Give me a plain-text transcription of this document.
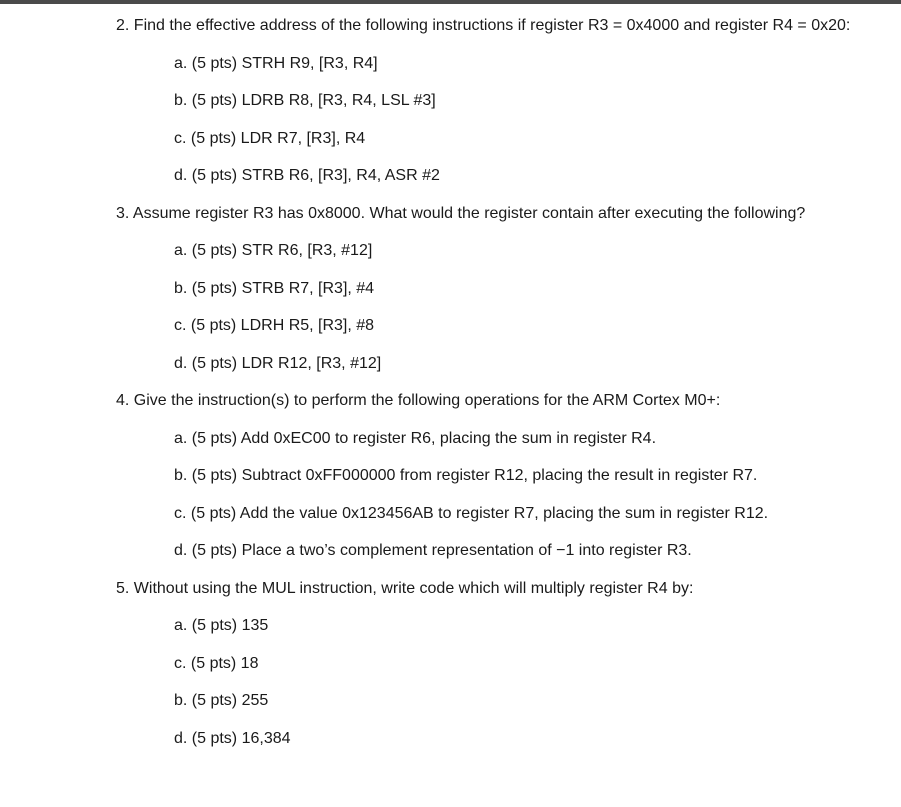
2. Find the effective address of the following instructions if register R3 = 0x4000 and register R4 = 0x20:
a. (5 pts) STRH R9, [R3, R4]
b. (5 pts) LDRB R8, [R3, R4, LSL #3]
c. (5 pts) LDR R7, [R3], R4
d. (5 pts) STRB R6, [R3], R4, ASR #2
3. Assume register R3 has 0x8000. What would the register contain after executing the following?
a. (5 pts) STR R6, [R3, #12]
b. (5 pts) STRB R7, [R3], #4
c. (5 pts) LDRH R5, [R3], #8
d. (5 pts) LDR R12, [R3, #12]
4. Give the instruction(s) to perform the following operations for the ARM Cortex M0+:
a. (5 pts) Add 0xEC00 to register R6, placing the sum in register R4.
b. (5 pts) Subtract 0xFF000000 from register R12, placing the result in register R7.
c. (5 pts) Add the value 0x123456AB to register R7, placing the sum in register R12.
d. (5 pts) Place a two’s complement representation of −1 into register R3.
5. Without using the MUL instruction, write code which will multiply register R4 by:
a. (5 pts) 135
c. (5 pts) 18
b. (5 pts) 255
d. (5 pts) 16,384
